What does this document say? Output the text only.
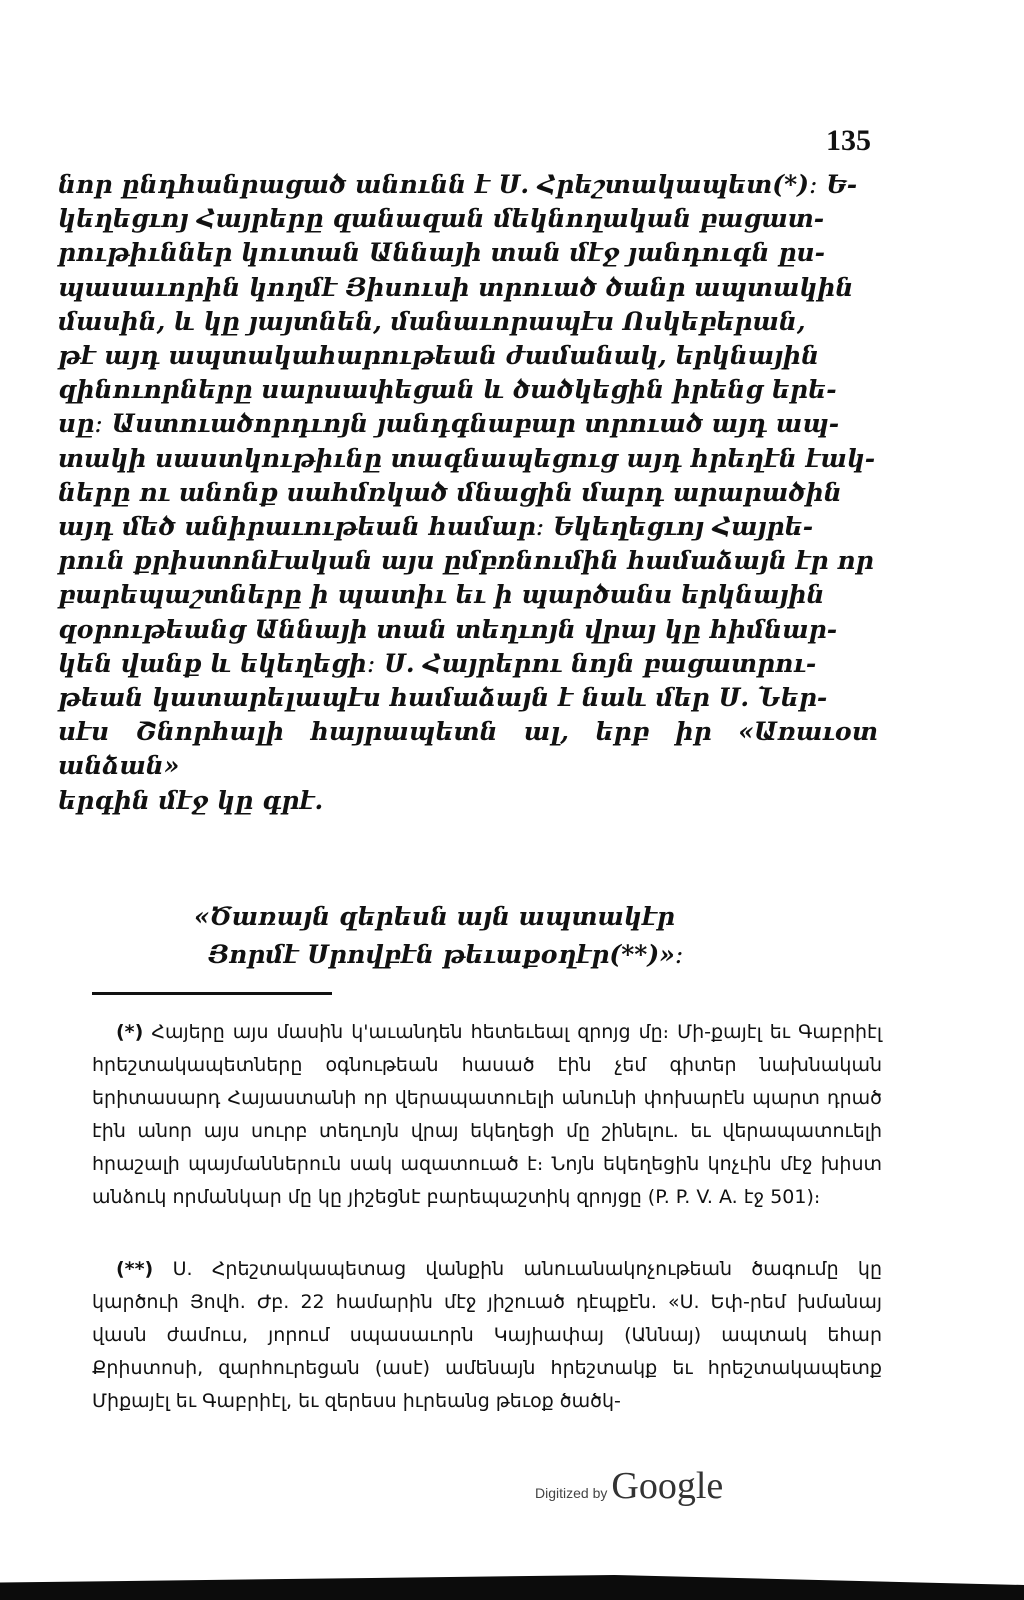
135
նոր ընդհանրացած անունն է Ս. Հրեշտակապետ(*)։ Ե-
կեղեցւոյ Հայրերը զանազան մեկնողական բացատ-
րութիւններ կուտան Աննայի տան մէջ յանդուգն ըս-
պասաւորին կողմէ Յիսուսի տրուած ծանր ապտակին
մասին, և կը յայտնեն, մանաւորապէս Ոսկեբերան,
թէ այդ ապտակահարութեան ժամանակ, երկնային
զինուորները սարսափեցան և ծածկեցին իրենց երե-
սը։ Աստուածորդւոյն յանդգնաբար տրուած այդ ապ-
տակի սաստկութիւնը տագնապեցուց այդ հրեղէն էակ-
ները ու անոնք սահմռկած մնացին մարդ արարածին
այդ մեծ անիրաւութեան համար։ Եկեղեցւոյ Հայրե-
րուն քրիստոնէական այս ըմբռնումին համաձայն էր որ
բարեպաշտները ի պատիւ եւ ի պարծանս երկնային
զօրութեանց Աննայի տան տեղւոյն վրայ կը հիմնար-
կեն վանք և եկեղեցի։ Ս. Հայրերու նոյն բացատրու-
թեան կատարելապէս համաձայն է նաև մեր Ս. Ներ-
սէս Շնորհալի հայրապետն ալ, երբ իր «Առաւօտ անձան»
երգին մէջ կը գրէ.
«Ծառայն զերեսն այն ապտակէր
Յորմէ Սրովբէն թեւաքօղէր(**)»։
(*) Հայերը այս մասին կ'աւանդեն հետեւեալ զրոյց մը։ Մի-քայէլ եւ Գաբրիէլ հրեշտակապետները օգնութեան հասած էին չեմ գիտեր նախնական երիտասարդ Հայաստանի որ վերապատուելի անունի փոխարէն պարտ դրած էին անոր այս սուրբ տեղւոյն վրայ եկեղեցի մը շինելու. եւ վերապատուելի հրաշալի պայմաններուն սակ ազատուած է։ Նոյն եկեղեցին կոչւին մէջ խիստ անձուկ որմանկար մը կը յիշեցնէ բարեպաշտիկ զրոյցը (P. P. V. A. էջ 501)։
(**) Ս. Հրեշտակապետաց վանքին անուանակոչութեան ծագումը կը կարծուի Յովհ. Ժբ. 22 համարին մէջ յիշուած դէպքէն. «Ս. Եփ-րեմ խմանայ վասն ժամուս, յորում սպասաւորն Կայիափայ (Աննայ) ապտակ եհար Քրիստոսի, զարհուրեցան (ասէ) ամենայն հրեշտակք եւ հրեշտակապետք Միքայէլ եւ Գաբրիէլ, եւ զերեսս իւրեանց թեւօք ծածկ-
Digitized by Google
